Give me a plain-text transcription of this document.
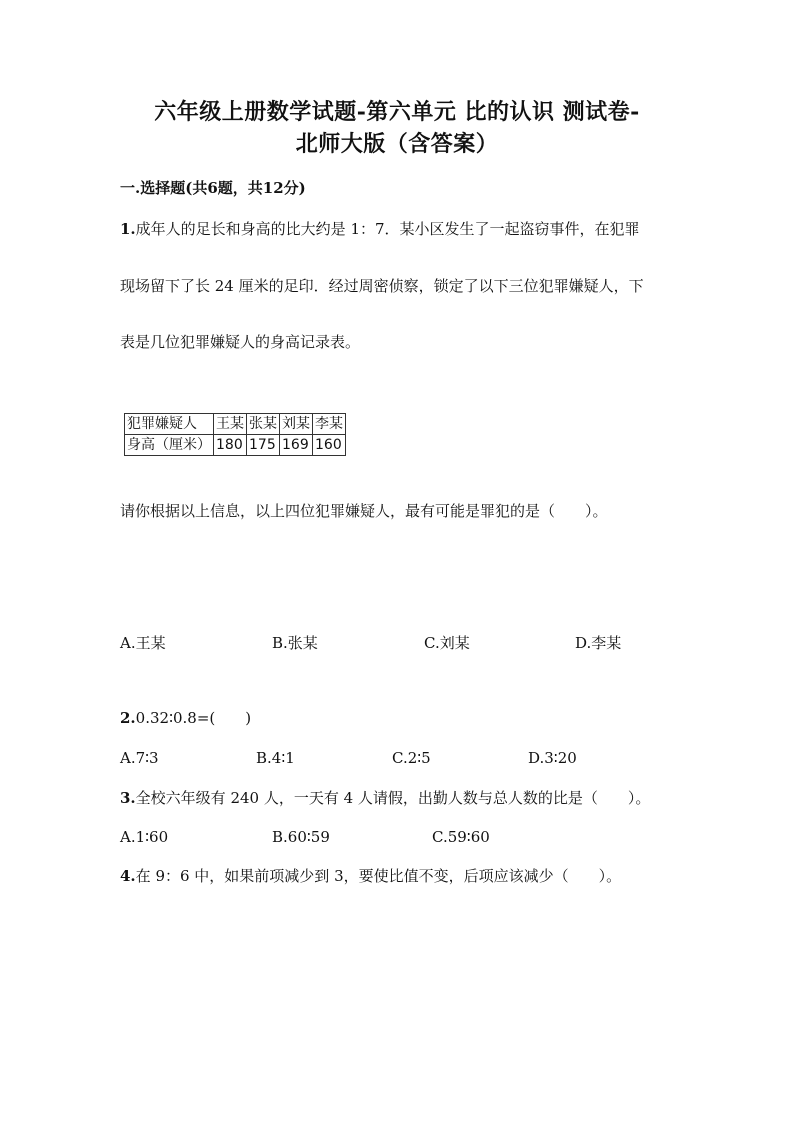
六年级上册数学试题-第六单元 比的认识 测试卷-
北师大版（含答案）
一.选择题(共6题，共12分)
1.成年人的足长和身高的比大约是 1：7．某小区发生了一起盗窃事件，在犯罪
现场留下了长 24 厘米的足印．经过周密侦察，锁定了以下三位犯罪嫌疑人，下
表是几位犯罪嫌疑人的身高记录表。
犯罪嫌疑人	王某	张某	刘某	李某
身高（厘米）	180	175	169	160
请你根据以上信息，以上四位犯罪嫌疑人，最有可能是罪犯的是（　　）。
A.王某	B.张某	C.刘某	D.李某
2.0.32∶0.8=(　　)
A.7∶3	B.4∶1	C.2∶5	D.3∶20
3.全校六年级有 240 人，一天有 4 人请假，出勤人数与总人数的比是（　　）。
A.1∶60	B.60∶59	C.59∶60
4.在 9：6 中，如果前项减少到 3，要使比值不变，后项应该减少（　　）。
